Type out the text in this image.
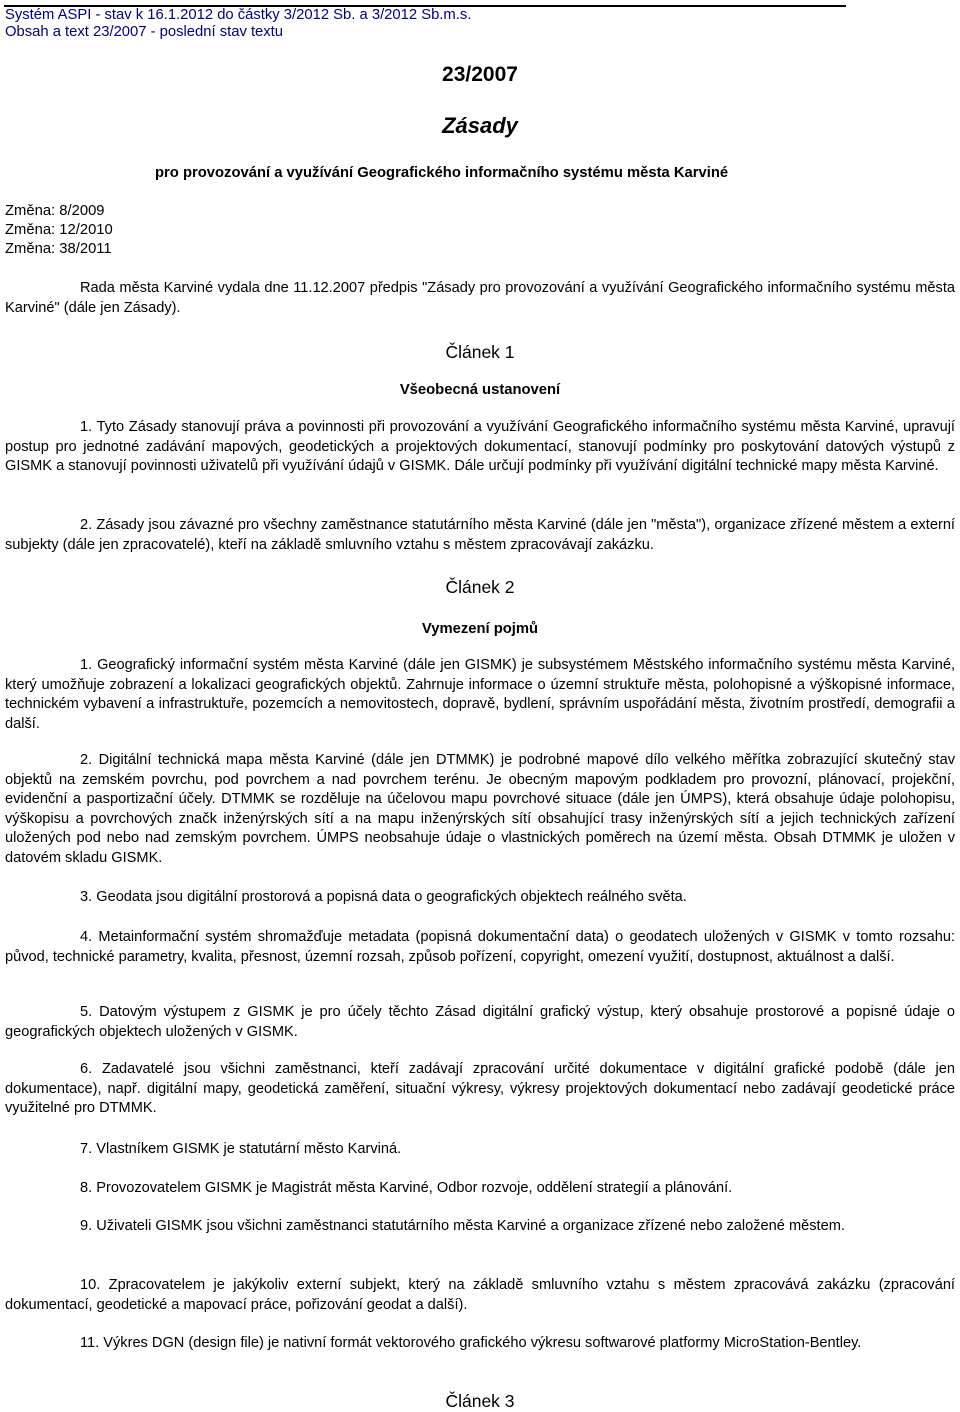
Systém ASPI - stav k 16.1.2012 do částky 3/2012 Sb. a 3/2012 Sb.m.s.
Obsah a text 23/2007 - poslední stav textu
23/2007
Zásady
pro provozování a využívání Geografického informačního systému města Karviné
Změna: 8/2009
Změna: 12/2010
Změna: 38/2011
Rada města Karviné vydala dne 11.12.2007 předpis "Zásady pro provozování a využívání Geografického informačního systému města Karviné" (dále jen Zásady).
Článek 1
Všeobecná ustanovení
1. Tyto Zásady stanovují práva a povinnosti při provozování a využívání Geografického informačního systému města Karviné, upravují postup pro jednotné zadávání mapových, geodetických a projektových dokumentací, stanovují podmínky pro poskytování datových výstupů z GISMK a stanovují povinnosti uživatelů při využívání údajů v GISMK. Dále určují podmínky při využívání digitální technické mapy města Karviné.
2. Zásady jsou závazné pro všechny zaměstnance statutárního města Karviné (dále jen "města"), organizace zřízené městem a externí subjekty (dále jen zpracovatelé), kteří na základě smluvního vztahu s městem zpracovávají zakázku.
Článek 2
Vymezení pojmů
1. Geografický informační systém města Karviné (dále jen GISMK) je subsystémem Městského informačního systému města Karviné, který umožňuje zobrazení a lokalizaci geografických objektů. Zahrnuje informace o územní struktuře města, polohopisné a výškopisné informace, technickém vybavení a infrastruktuře, pozemcích a nemovitostech, dopravě, bydlení, správním uspořádání města, životním prostředí, demografii a další.
2. Digitální technická mapa města Karviné (dále jen DTMMK) je podrobné mapové dílo velkého měřítka zobrazující skutečný stav objektů na zemském povrchu, pod povrchem a nad povrchem terénu. Je obecným mapovým podkladem pro provozní, plánovací, projekční, evidenční a pasportizační účely. DTMMK se rozděluje na účelovou mapu povrchové situace (dále jen ÚMPS), která obsahuje údaje polohopisu, výškopisu a povrchových značk inženýrských sítí a na mapu inženýrských sítí obsahující trasy inženýrských sítí a jejich technických zařízení uložených pod nebo nad zemským povrchem. ÚMPS neobsahuje údaje o vlastnických poměrech na území města. Obsah DTMMK je uložen v datovém skladu GISMK.
3. Geodata jsou digitální prostorová a popisná data o geografických objektech reálného světa.
4. Metainformační systém shromažďuje metadata (popisná dokumentační data) o geodatech uložených v GISMK v tomto rozsahu: původ, technické parametry, kvalita, přesnost, územní rozsah, způsob pořízení, copyright, omezení využití, dostupnost, aktuálnost a další.
5. Datovým výstupem z GISMK je pro účely těchto Zásad digitální grafický výstup, který obsahuje prostorové a popisné údaje o geografických objektech uložených v GISMK.
6. Zadavatelé jsou všichni zaměstnanci, kteří zadávají zpracování určité dokumentace v digitální grafické podobě (dále jen dokumentace), např. digitální mapy, geodetická zaměření, situační výkresy, výkresy projektových dokumentací nebo zadávají geodetické práce využitelné pro DTMMK.
7. Vlastníkem GISMK je statutární město Karviná.
8. Provozovatelem GISMK je Magistrát města Karviné, Odbor rozvoje, oddělení strategií a plánování.
9. Uživateli GISMK jsou všichni zaměstnanci statutárního města Karviné a organizace zřízené nebo založené městem.
10. Zpracovatelem je jakýkoliv externí subjekt, který na základě smluvního vztahu s městem zpracovává zakázku (zpracování dokumentací, geodetické a mapovací práce, pořizování geodat a další).
11. Výkres DGN (design file) je nativní formát vektorového grafického výkresu softwarové platformy MicroStation-Bentley.
Článek 3
